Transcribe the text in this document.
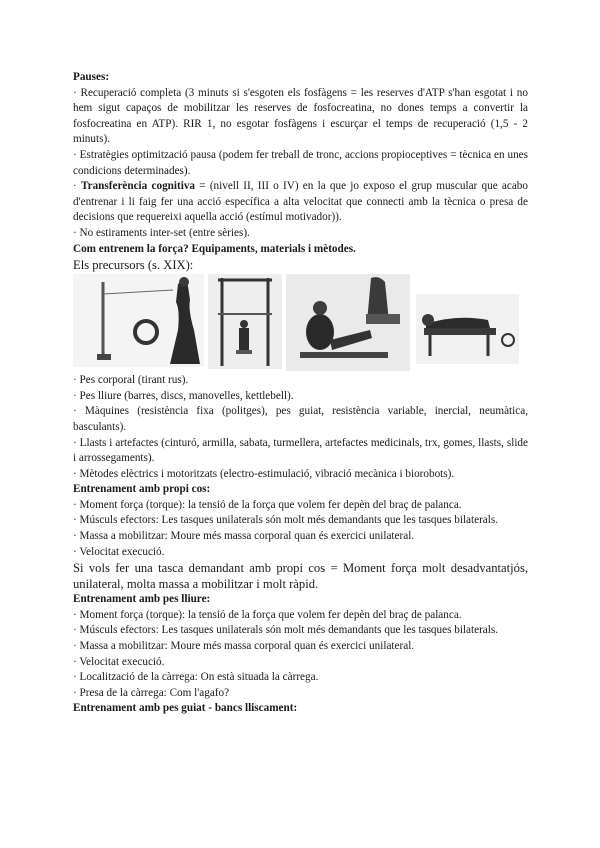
Pauses:

· Recuperació completa (3 minuts si s'esgoten els fosfàgens = les reserves d'ATP s'han esgotat i no hem sigut capaços de mobilitzar les reserves de fosfocreatina, no dones temps a convertir la fosfocreatina en ATP). RIR 1, no esgotar fosfàgens i escurçar el temps de recuperació (1,5 - 2 minuts).

· Estratègies optimització pausa (podem fer treball de tronc, accions propioceptives = tècnica en unes condicions determinades).

· Transferència cognitiva = (nivell II, III o IV) en la que jo exposo el grup muscular que acabo d'entrenar i li faig fer una acció específica a alta velocitat que connecti amb la tècnica o presa de decisions que requereixi aquella acció (estímul motivador)).

· No estiraments inter-set (entre sèries).

Com entrenem la força? Equipaments, materials i mètodes.

Els precursors (s. XIX):

· Pes corporal (tirant rus).

· Pes lliure (barres, discs, manovelles, kettlebell).

· Màquines (resistència fixa (politges), pes guiat, resistència variable, inercial, neumàtica, basculants).

· Llasts i artefactes (cinturó, armilla, sabata, turmellera, artefactes medicinals, trx, gomes, llasts, slide i arrossegaments).

· Mètodes elèctrics i motoritzats (electro-estimulació, vibració mecànica i biorobots).

Entrenament amb propi cos:

· Moment força (torque): la tensió de la força que volem fer depèn del braç de palanca.

· Músculs efectors: Les tasques unilaterals són molt més demandants que les tasques bilaterals.

· Massa a mobilitzar: Moure més massa corporal quan és exercici unilateral.

· Velocitat execució.

Si vols fer una tasca demandant amb propi cos = Moment força molt desadvantatjós, unilateral, molta massa a mobilitzar i molt ràpid.

Entrenament amb pes lliure:

· Moment força (torque): la tensió de la força que volem fer depèn del braç de palanca.

· Músculs efectors: Les tasques unilaterals són molt més demandants que les tasques bilaterals.

· Massa a mobilitzar: Moure més massa corporal quan és exercici unilateral.

· Velocitat execució.

· Localització de la càrrega: On està situada la càrrega.

· Presa de la càrrega: Com l'agafo?

Entrenament amb pes guiat - bancs lliscament:
